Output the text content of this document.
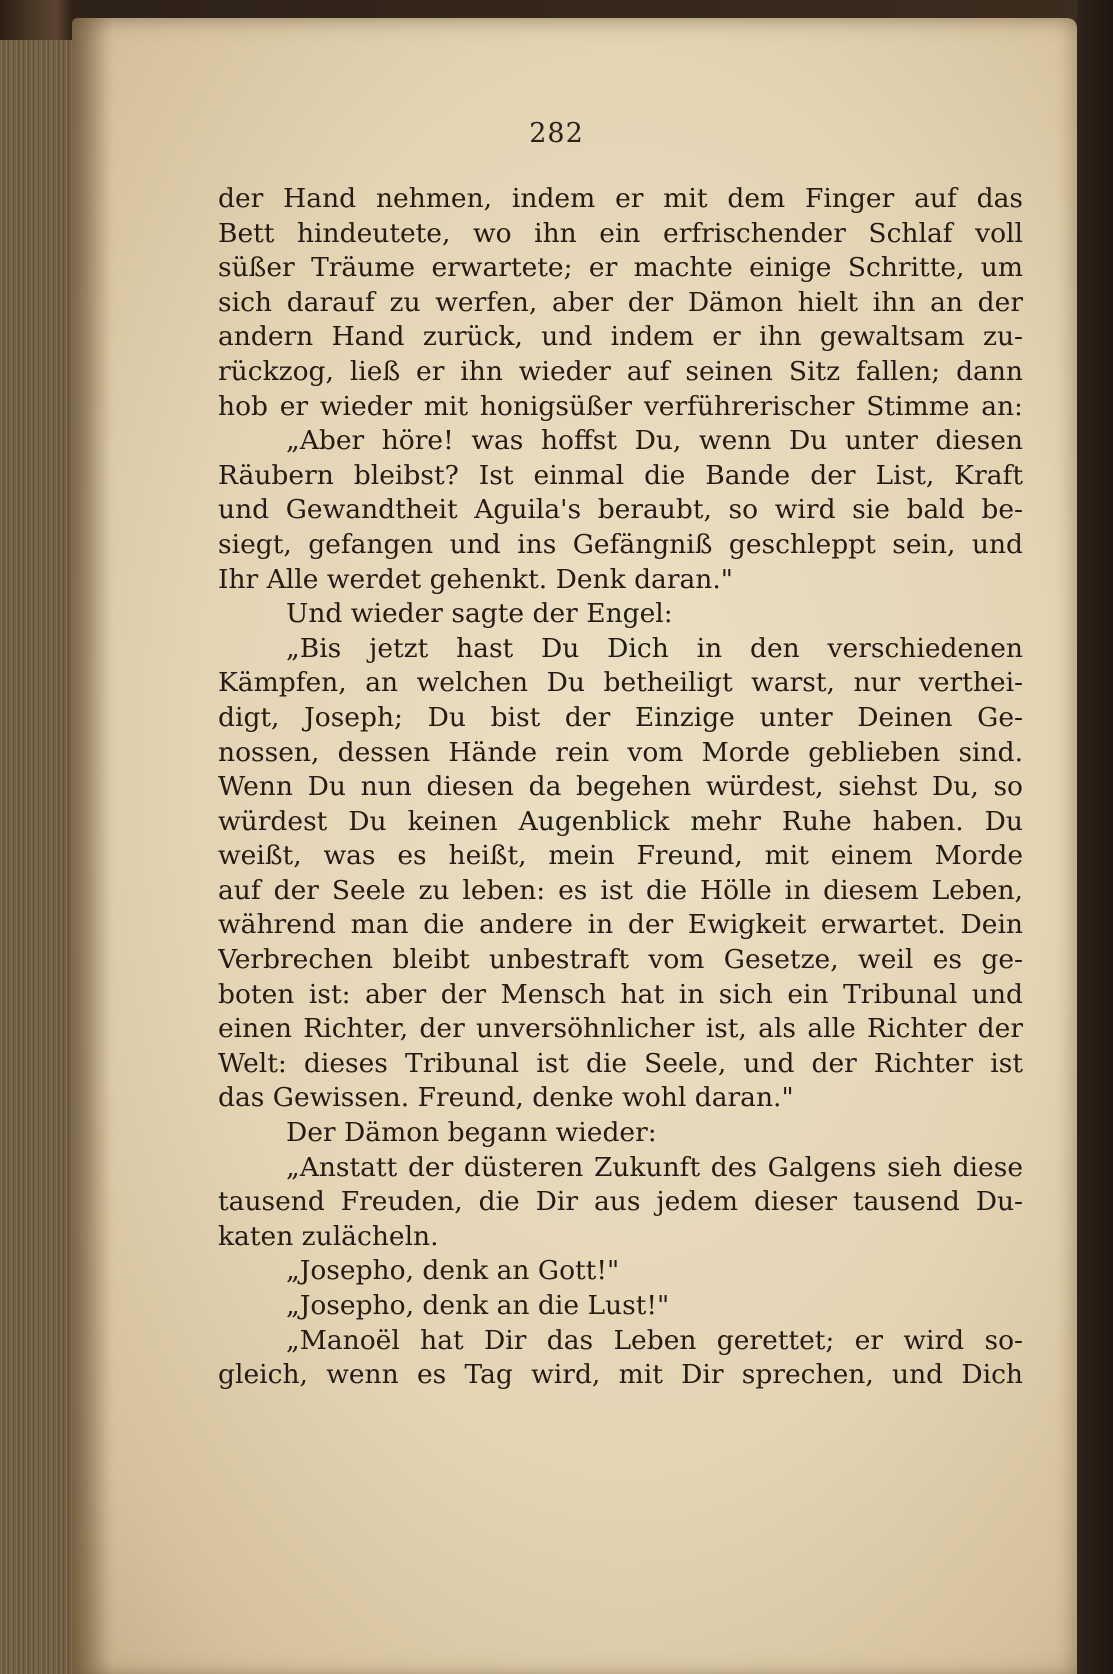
282
der Hand nehmen, indem er mit dem Finger auf das
Bett hindeutete, wo ihn ein erfrischender Schlaf voll
süßer Träume erwartete; er machte einige Schritte, um
sich darauf zu werfen, aber der Dämon hielt ihn an der
andern Hand zurück, und indem er ihn gewaltsam zu-
rückzog, ließ er ihn wieder auf seinen Sitz fallen; dann
hob er wieder mit honigsüßer verführerischer Stimme an:
„Aber höre! was hoffst Du, wenn Du unter diesen
Räubern bleibst? Ist einmal die Bande der List, Kraft
und Gewandtheit Aguila's beraubt, so wird sie bald be-
siegt, gefangen und ins Gefängniß geschleppt sein, und
Ihr Alle werdet gehenkt. Denk daran."
Und wieder sagte der Engel:
„Bis jetzt hast Du Dich in den verschiedenen
Kämpfen, an welchen Du betheiligt warst, nur verthei-
digt, Joseph; Du bist der Einzige unter Deinen Ge-
nossen, dessen Hände rein vom Morde geblieben sind.
Wenn Du nun diesen da begehen würdest, siehst Du, so
würdest Du keinen Augenblick mehr Ruhe haben. Du
weißt, was es heißt, mein Freund, mit einem Morde
auf der Seele zu leben: es ist die Hölle in diesem Leben,
während man die andere in der Ewigkeit erwartet. Dein
Verbrechen bleibt unbestraft vom Gesetze, weil es ge-
boten ist: aber der Mensch hat in sich ein Tribunal und
einen Richter, der unversöhnlicher ist, als alle Richter der
Welt: dieses Tribunal ist die Seele, und der Richter ist
das Gewissen. Freund, denke wohl daran."
Der Dämon begann wieder:
„Anstatt der düsteren Zukunft des Galgens sieh diese
tausend Freuden, die Dir aus jedem dieser tausend Du-
katen zulächeln.
„Josepho, denk an Gott!"
„Josepho, denk an die Lust!"
„Manoël hat Dir das Leben gerettet; er wird so-
gleich, wenn es Tag wird, mit Dir sprechen, und Dich
